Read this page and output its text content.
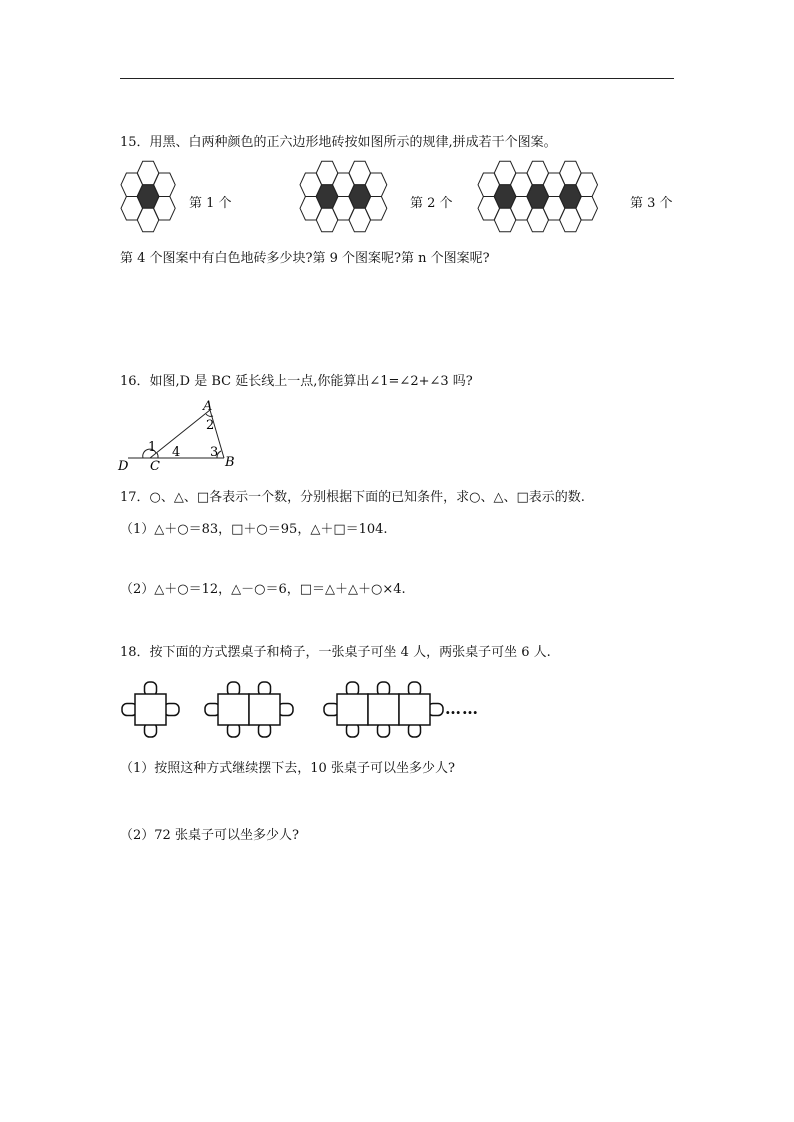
15．用黑、白两种颜色的正六边形地砖按如图所示的规律,拼成若干个图案。
第 1 个	第 2 个	第 3 个
第 4 个图案中有白色地砖多少块?第 9 个图案呢?第 n 个图案呢?
16．如图,D 是 BC 延长线上一点,你能算出∠1=∠2+∠3 吗?
A
B
C
D
1
2
3
4
17．○、△、□各表示一个数，分别根据下面的已知条件，求○、△、□表示的数.
（1）△＋○＝83，□＋○＝95，△＋□＝104.
（2）△＋○＝12，△－○＝6，□＝△＋△＋○×4.
18．按下面的方式摆桌子和椅子，一张桌子可坐 4 人，两张桌子可坐 6 人.
……
（1）按照这种方式继续摆下去，10 张桌子可以坐多少人?
（2）72 张桌子可以坐多少人?
